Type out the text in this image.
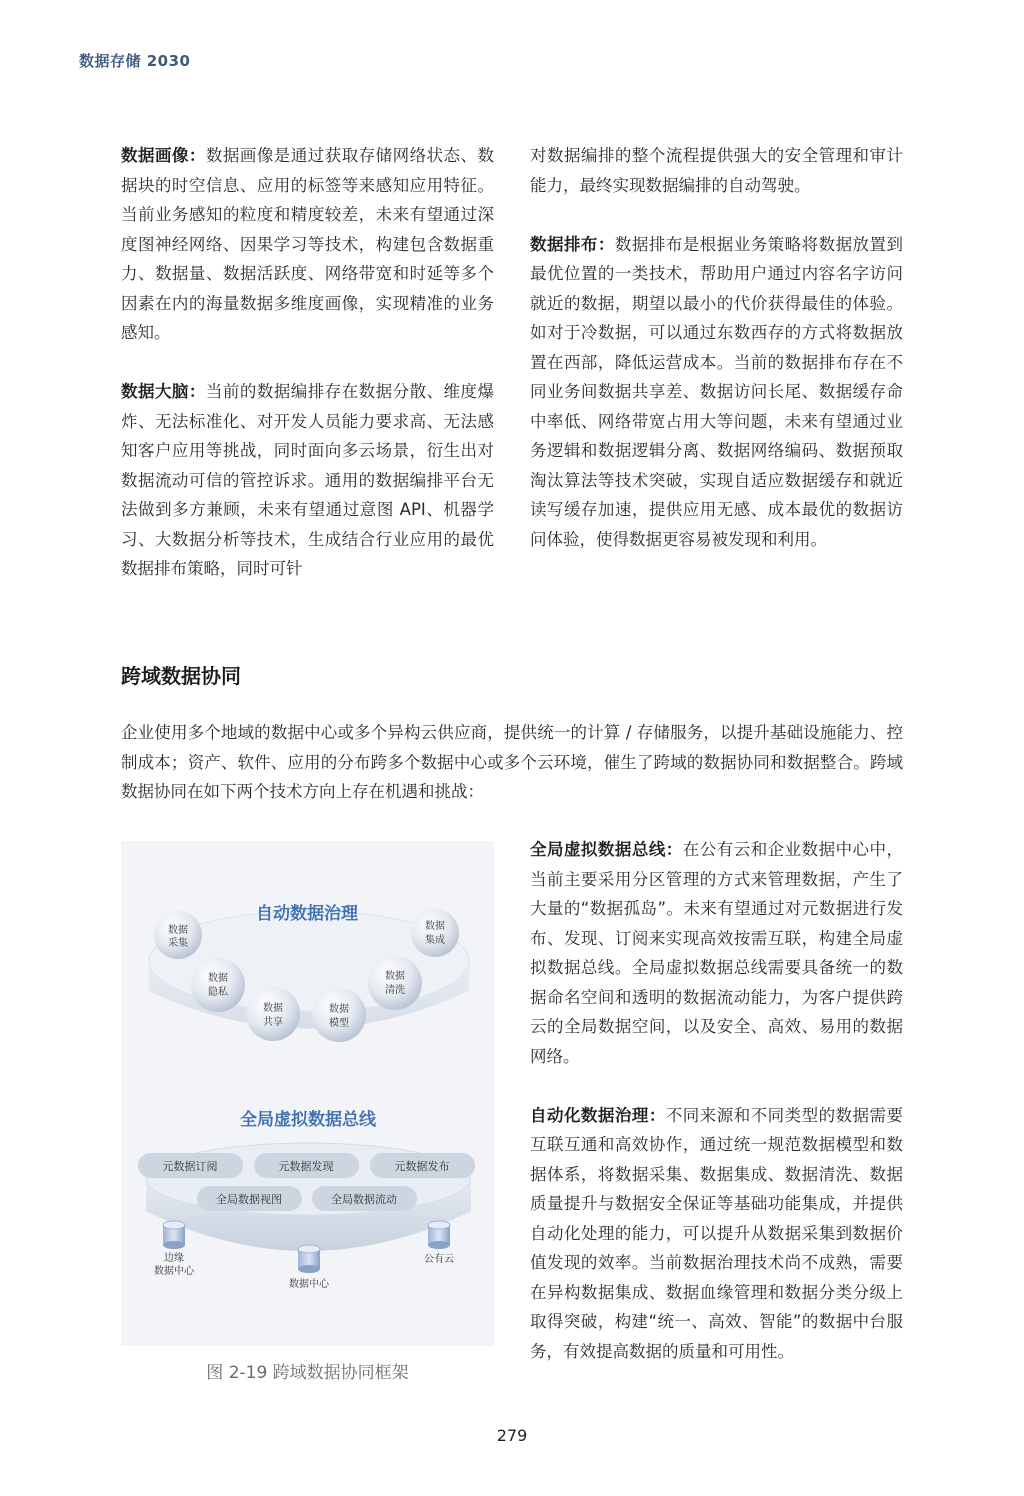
数据存储 2030

数据画像：数据画像是通过获取存储网络状态、数据块的时空信息、应用的标签等来感知应用特征。当前业务感知的粒度和精度较差，未来有望通过深度图神经网络、因果学习等技术，构建包含数据重力、数据量、数据活跃度、网络带宽和时延等多个因素在内的海量数据多维度画像，实现精准的业务感知。

数据大脑：当前的数据编排存在数据分散、维度爆炸、无法标准化、对开发人员能力要求高、无法感知客户应用等挑战，同时面向多云场景，衍生出对数据流动可信的管控诉求。通用的数据编排平台无法做到多方兼顾，未来有望通过意图 API、机器学习、大数据分析等技术，生成结合行业应用的最优数据排布策略，同时可针

对数据编排的整个流程提供强大的安全管理和审计能力，最终实现数据编排的自动驾驶。

数据排布：数据排布是根据业务策略将数据放置到最优位置的一类技术，帮助用户通过内容名字访问就近的数据，期望以最小的代价获得最佳的体验。如对于冷数据，可以通过东数西存的方式将数据放置在西部，降低运营成本。当前的数据排布存在不同业务间数据共享差、数据访问长尾、数据缓存命中率低、网络带宽占用大等问题，未来有望通过业务逻辑和数据逻辑分离、数据网络编码、数据预取淘汰算法等技术突破，实现自适应数据缓存和就近读写缓存加速，提供应用无感、成本最优的数据访问体验，使得数据更容易被发现和利用。

跨域数据协同

企业使用多个地域的数据中心或多个异构云供应商，提供统一的计算 / 存储服务，以提升基础设施能力、控制成本；资产、软件、应用的分布跨多个数据中心或多个云环境，催生了跨域的数据协同和数据整合。跨域数据协同在如下两个技术方向上存在机遇和挑战：

自动数据治理
数据
采集
数据
集成
数据
隐私
数据
清洗
数据
共享
数据
模型
全局虚拟数据总线
元数据订阅	元数据发现	元数据发布
全局数据视图	全局数据流动
边缘
数据中心
数据中心
公有云
图 2-19 跨域数据协同框架

全局虚拟数据总线：在公有云和企业数据中心中，当前主要采用分区管理的方式来管理数据，产生了大量的“数据孤岛”。未来有望通过对元数据进行发布、发现、订阅来实现高效按需互联，构建全局虚拟数据总线。全局虚拟数据总线需要具备统一的数据命名空间和透明的数据流动能力，为客户提供跨云的全局数据空间，以及安全、高效、易用的数据网络。

自动化数据治理：不同来源和不同类型的数据需要互联互通和高效协作，通过统一规范数据模型和数据体系，将数据采集、数据集成、数据清洗、数据质量提升与数据安全保证等基础功能集成，并提供自动化处理的能力，可以提升从数据采集到数据价值发现的效率。当前数据治理技术尚不成熟，需要在异构数据集成、数据血缘管理和数据分类分级上取得突破，构建“统一、高效、智能”的数据中台服务，有效提高数据的质量和可用性。

279
